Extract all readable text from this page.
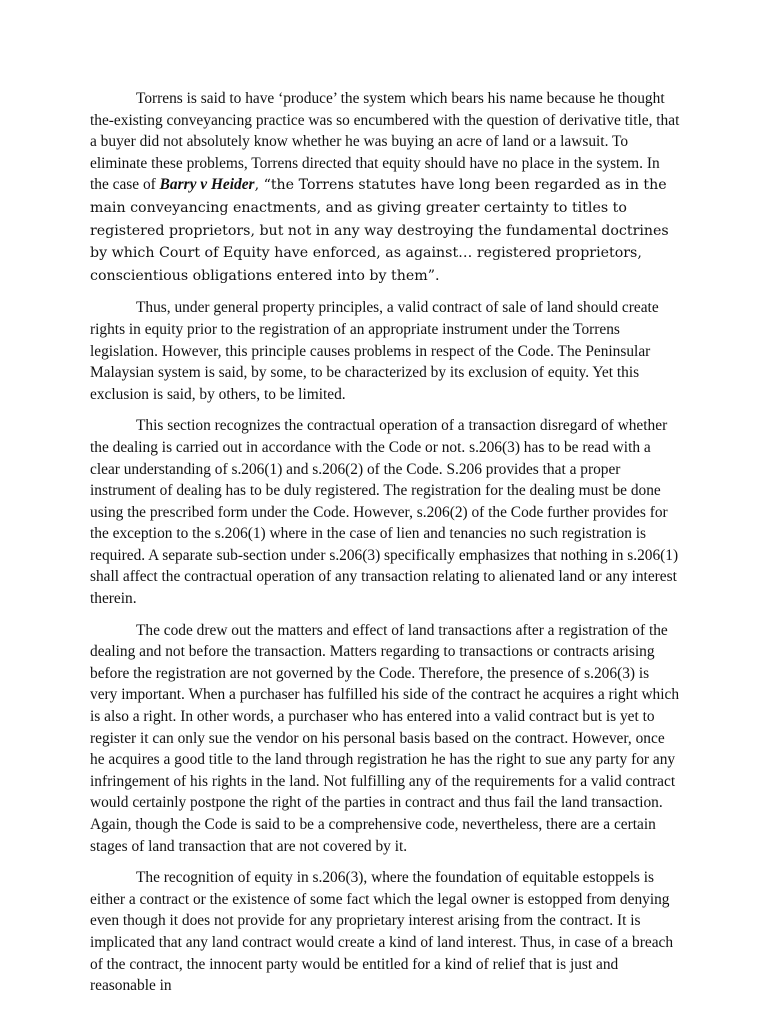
Torrens is said to have ‘produce’ the system which bears his name because he thought the-existing conveyancing practice was so encumbered with the question of derivative title, that a buyer did not absolutely know whether he was buying an acre of land or a lawsuit. To eliminate these problems, Torrens directed that equity should have no place in the system. In the case of Barry v Heider, “the Torrens statutes have long been regarded as in the main conveyancing enactments, and as giving greater certainty to titles to registered proprietors, but not in any way destroying the fundamental doctrines by which Court of Equity have enforced, as against… registered proprietors, conscientious obligations entered into by them”.

Thus, under general property principles, a valid contract of sale of land should create rights in equity prior to the registration of an appropriate instrument under the Torrens legislation. However, this principle causes problems in respect of the Code. The Peninsular Malaysian system is said, by some, to be characterized by its exclusion of equity. Yet this exclusion is said, by others, to be limited.

This section recognizes the contractual operation of a transaction disregard of whether the dealing is carried out in accordance with the Code or not. s.206(3) has to be read with a clear understanding of s.206(1) and s.206(2) of the Code. S.206 provides that a proper instrument of dealing has to be duly registered. The registration for the dealing must be done using the prescribed form under the Code. However, s.206(2) of the Code further provides for the exception to the s.206(1) where in the case of lien and tenancies no such registration is required. A separate sub-section under s.206(3) specifically emphasizes that nothing in s.206(1) shall affect the contractual operation of any transaction relating to alienated land or any interest therein.

The code drew out the matters and effect of land transactions after a registration of the dealing and not before the transaction. Matters regarding to transactions or contracts arising before the registration are not governed by the Code. Therefore, the presence of s.206(3) is very important. When a purchaser has fulfilled his side of the contract he acquires a right which is also a right. In other words, a purchaser who has entered into a valid contract but is yet to register it can only sue the vendor on his personal basis based on the contract. However, once he acquires a good title to the land through registration he has the right to sue any party for any infringement of his rights in the land. Not fulfilling any of the requirements for a valid contract would certainly postpone the right of the parties in contract and thus fail the land transaction. Again, though the Code is said to be a comprehensive code, nevertheless, there are a certain stages of land transaction that are not covered by it.

The recognition of equity in s.206(3), where the foundation of equitable estoppels is either a contract or the existence of some fact which the legal owner is estopped from denying even though it does not provide for any proprietary interest arising from the contract. It is implicated that any land contract would create a kind of land interest. Thus, in case of a breach of the contract, the innocent party would be entitled for a kind of relief that is just and reasonable in
